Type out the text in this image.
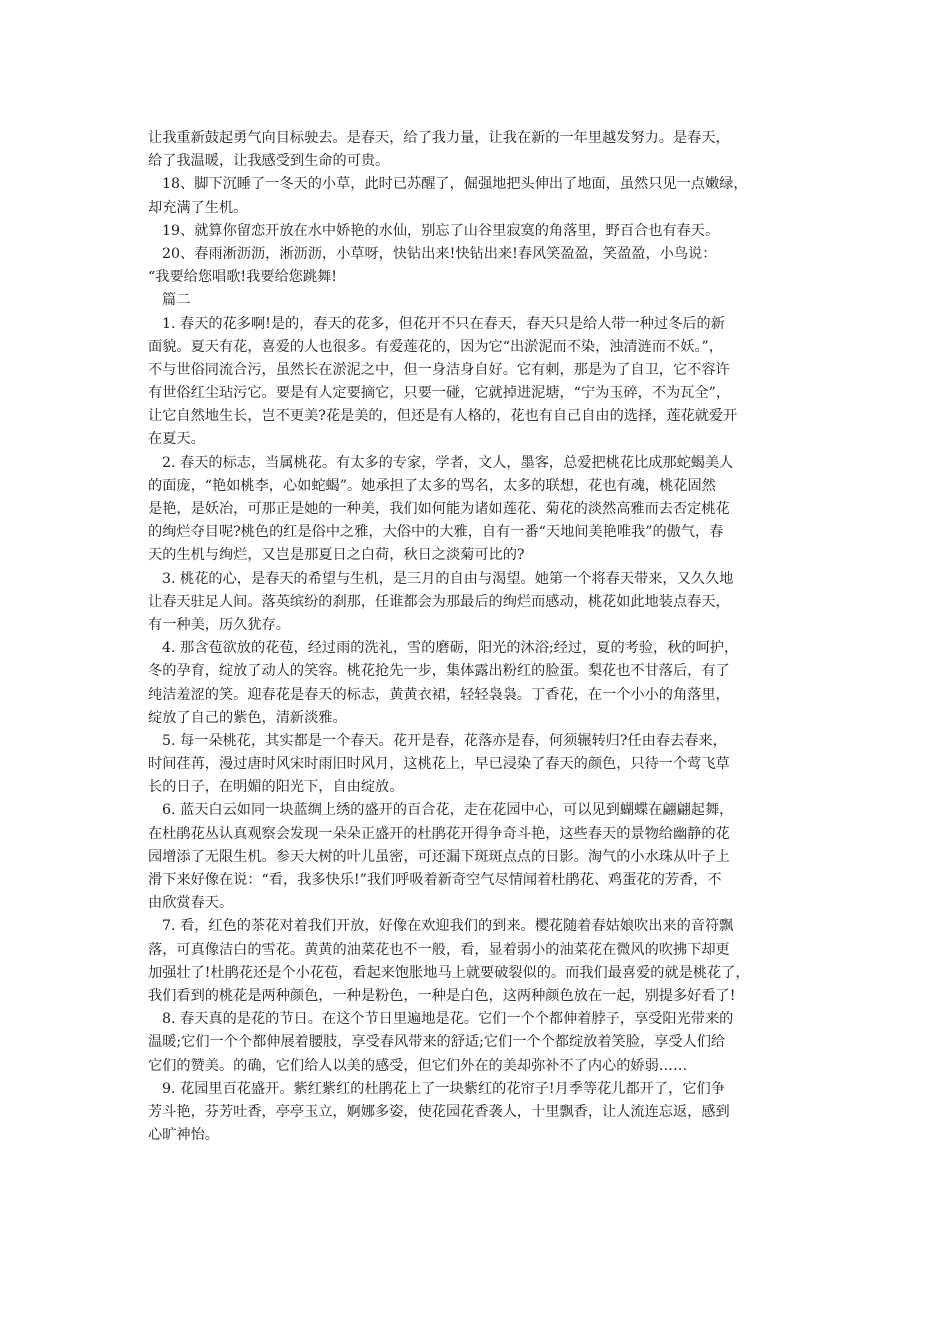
让我重新鼓起勇气向目标驶去。是春天，给了我力量，让我在新的一年里越发努力。是春天，
给了我温暖，让我感受到生命的可贵。
18、脚下沉睡了一冬天的小草，此时已苏醒了，倔强地把头伸出了地面，虽然只见一点嫩绿，
却充满了生机。
19、就算你留恋开放在水中娇艳的水仙，别忘了山谷里寂寞的角落里，野百合也有春天。
20、春雨淅沥沥，淅沥沥，小草呀，快钻出来!快钻出来!春风笑盈盈，笑盈盈，小鸟说：
“我要给您唱歌!我要给您跳舞!
篇二
1. 春天的花多啊!是的，春天的花多，但花开不只在春天，春天只是给人带一种过冬后的新
面貌。夏天有花，喜爱的人也很多。有爱莲花的，因为它“出淤泥而不染，浊清涟而不妖。”，
不与世俗同流合污，虽然长在淤泥之中，但一身洁身自好。它有刺，那是为了自卫，它不容许
有世俗红尘玷污它。要是有人定要摘它，只要一碰，它就掉进泥塘，“宁为玉碎，不为瓦全”，
让它自然地生长，岂不更美?花是美的，但还是有人格的，花也有自己自由的选择，莲花就爱开
在夏天。
2. 春天的标志，当属桃花。有太多的专家，学者，文人，墨客，总爱把桃花比成那蛇蝎美人
的面庞，“艳如桃李，心如蛇蝎”。她承担了太多的骂名，太多的联想，花也有魂，桃花固然
是艳，是妖冶，可那正是她的一种美，我们如何能为诸如莲花、菊花的淡然高雅而去否定桃花
的绚烂夺目呢?桃色的红是俗中之雅，大俗中的大雅，自有一番“天地间美艳唯我”的傲气，春
天的生机与绚烂，又岂是那夏日之白荷，秋日之淡菊可比的?
3. 桃花的心，是春天的希望与生机，是三月的自由与渴望。她第一个将春天带来，又久久地
让春天驻足人间。落英缤纷的刹那，任谁都会为那最后的绚烂而感动，桃花如此地装点春天，
有一种美，历久犹存。
4. 那含苞欲放的花苞，经过雨的洗礼，雪的磨砺，阳光的沐浴;经过，夏的考验，秋的呵护，
冬的孕育，绽放了动人的笑容。桃花抢先一步，集体露出粉红的脸蛋。梨花也不甘落后，有了
纯洁羞涩的笑。迎春花是春天的标志，黄黄衣裙，轻轻袅袅。丁香花，在一个小小的角落里，
绽放了自己的紫色，清新淡雅。
5. 每一朵桃花，其实都是一个春天。花开是春，花落亦是春，何须辗转归?任由春去春来，
时间荏苒，漫过唐时风宋时雨旧时风月，这桃花上，早已浸染了春天的颜色，只待一个莺飞草
长的日子，在明媚的阳光下，自由绽放。
6. 蓝天白云如同一块蓝绸上绣的盛开的百合花，走在花园中心，可以见到蝴蝶在翩翩起舞，
在杜鹃花丛认真观察会发现一朵朵正盛开的杜鹃花开得争奇斗艳，这些春天的景物给幽静的花
园增添了无限生机。参天大树的叶儿虽密，可还漏下斑斑点点的日影。淘气的小水珠从叶子上
滑下来好像在说：“看，我多快乐!”我们呼吸着新奇空气尽情闻着杜鹃花、鸡蛋花的芳香，不
由欣赏春天。
7. 看，红色的茶花对着我们开放，好像在欢迎我们的到来。樱花随着春姑娘吹出来的音符飘
落，可真像洁白的雪花。黄黄的油菜花也不一般，看，显着弱小的油菜花在微风的吹拂下却更
加强壮了!杜鹃花还是个小花苞，看起来饱胀地马上就要破裂似的。而我们最喜爱的就是桃花了，
我们看到的桃花是两种颜色，一种是粉色，一种是白色，这两种颜色放在一起，别提多好看了!
8. 春天真的是花的节日。在这个节日里遍地是花。它们一个个都伸着脖子，享受阳光带来的
温暖;它们一个个都伸展着腰肢，享受春风带来的舒适;它们一个个都绽放着笑脸，享受人们给
它们的赞美。的确，它们给人以美的感受，但它们外在的美却弥补不了内心的娇弱……
9. 花园里百花盛开。紫红紫红的杜鹃花上了一块紫红的花帘子!月季等花儿都开了，它们争
芳斗艳，芬芳吐香，亭亭玉立，婀娜多姿，使花园花香袭人，十里飘香，让人流连忘返，感到
心旷神怡。
